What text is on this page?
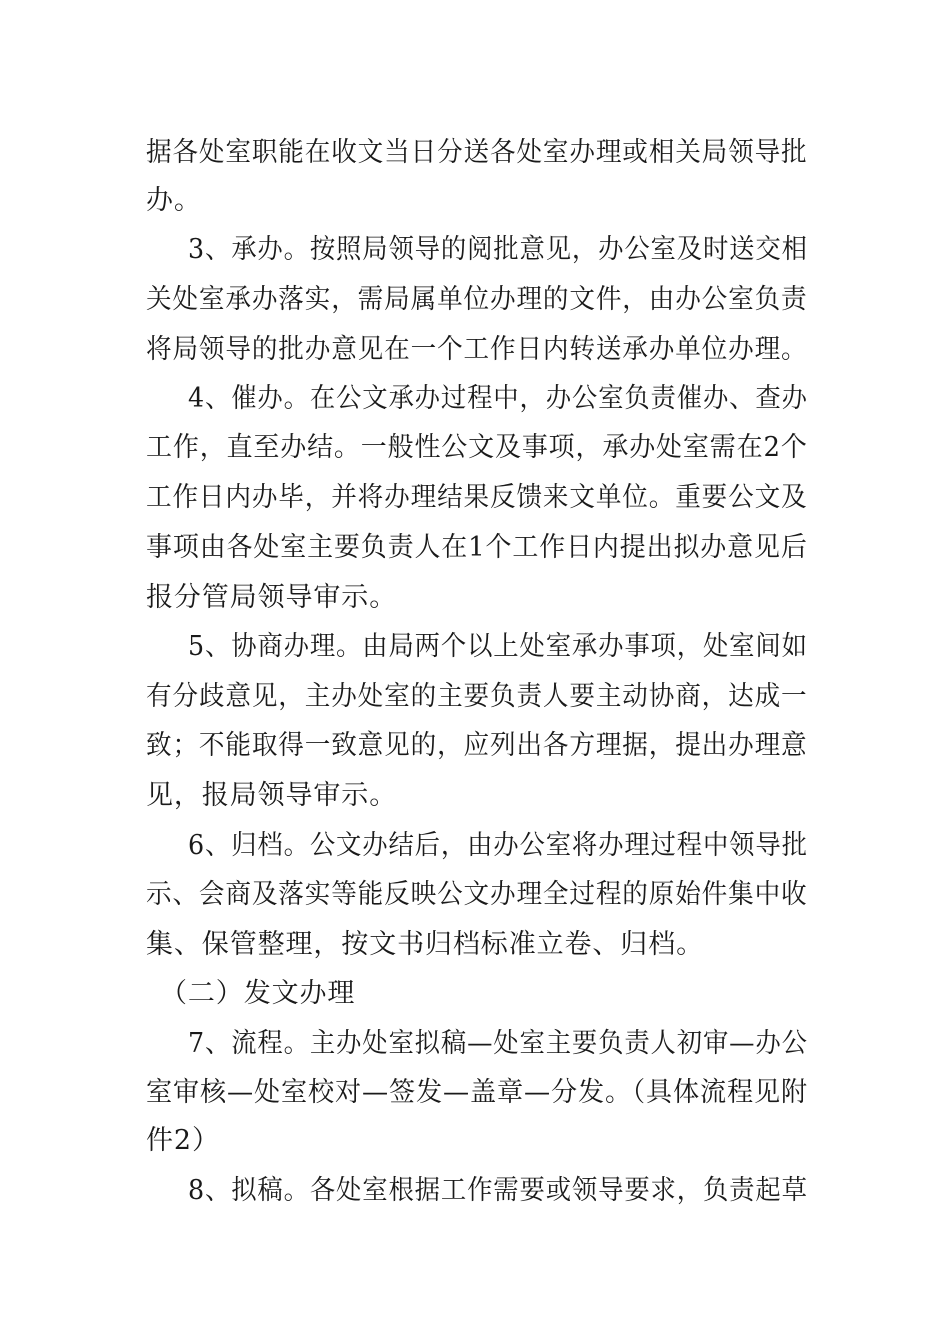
据各处室职能在收文当日分送各处室办理或相关局领导批
办。
3、承办。按照局领导的阅批意见，办公室及时送交相
关处室承办落实，需局属单位办理的文件，由办公室负责
将局领导的批办意见在一个工作日内转送承办单位办理。
4、催办。在公文承办过程中，办公室负责催办、查办
工作，直至办结。一般性公文及事项，承办处室需在2个
工作日内办毕，并将办理结果反馈来文单位。重要公文及
事项由各处室主要负责人在1个工作日内提出拟办意见后
报分管局领导审示。
5、协商办理。由局两个以上处室承办事项，处室间如
有分歧意见，主办处室的主要负责人要主动协商，达成一
致；不能取得一致意见的，应列出各方理据，提出办理意
见，报局领导审示。
6、归档。公文办结后，由办公室将办理过程中领导批
示、会商及落实等能反映公文办理全过程的原始件集中收
集、保管整理，按文书归档标准立卷、归档。
（二）发文办理
7、流程。主办处室拟稿—处室主要负责人初审—办公
室审核—处室校对—签发—盖章—分发。（具体流程见附
件2）
8、拟稿。各处室根据工作需要或领导要求，负责起草
